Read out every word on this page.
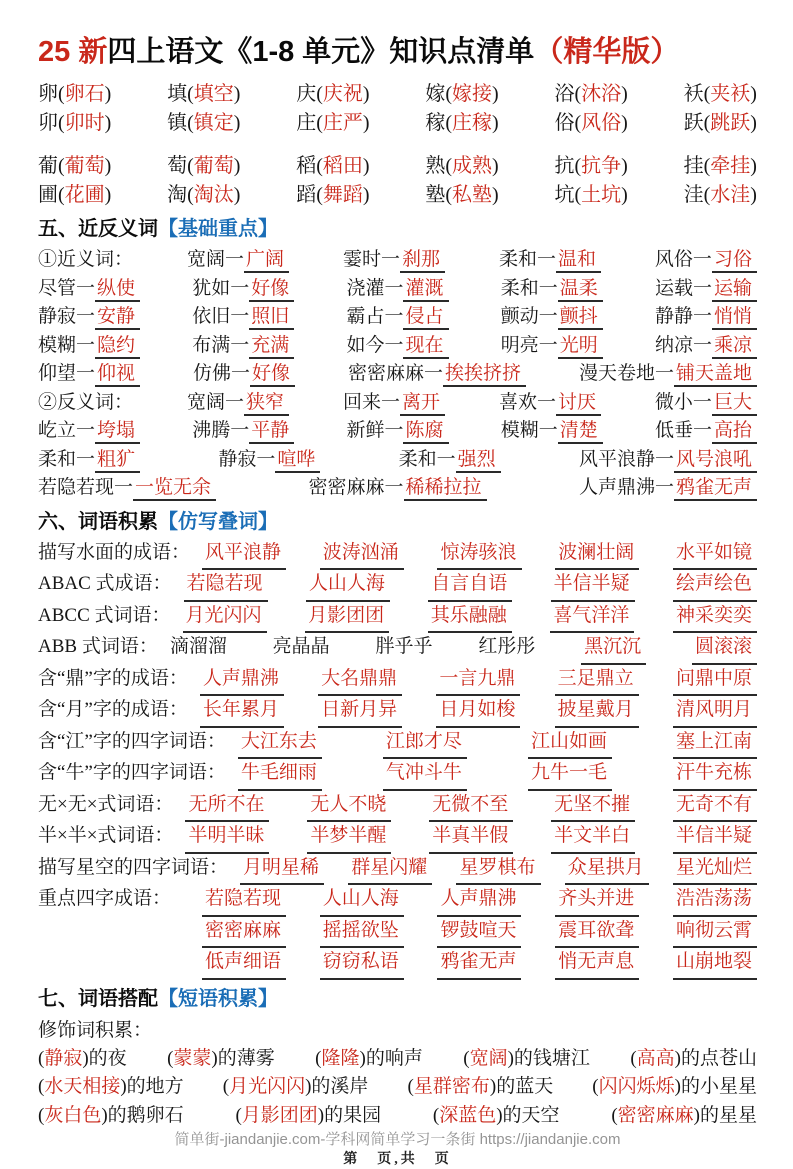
25 新四上语文《1-8 单元》知识点清单（精华版）
卵(卵石)	填(填空)	庆(庆祝)	嫁(嫁接)	浴(沐浴)	袄(夹袄)
卯(卯时)	镇(镇定)	庄(庄严)	稼(庄稼)	俗(风俗)	跃(跳跃)
葡(葡萄)	萄(葡萄)	稻(稻田)	熟(成熟)	抗(抗争)	挂(牵挂)
圃(花圃)	淘(淘汰)	蹈(舞蹈)	塾(私塾)	坑(土坑)	洼(水洼)
五、近反义词【基础重点】
①近义词：	宽阔一 广阔	霎时一 刹那	柔和一 温和	风俗一 习俗
尽管一 纵使	犹如一 好像	浇灌一 灌溉	柔和一 温柔	运载一 运输
静寂一 安静	依旧一 照旧	霸占一 侵占	颤动一 颤抖	静静一 悄悄
模糊一 隐约	布满一 充满	如今一 现在	明亮一 光明	纳凉一 乘凉
仰望一 仰视	仿佛一 好像	密密麻麻一 挨挨挤挤	漫天卷地一 铺天盖地
②反义词：	宽阔一 狭窄	回来一 离开	喜欢一 讨厌	微小一 巨大
屹立一 垮塌	沸腾一 平静	新鲜一 陈腐	模糊一 清楚	低垂一 高抬
柔和一 粗犷	静寂一 喧哗	柔和一 强烈	风平浪静一 风号浪吼
若隐若现一 一览无余	密密麻麻一 稀稀拉拉	人声鼎沸一 鸦雀无声
六、词语积累【仿写叠词】
描写水面的成语： 风平浪静 波涛汹涌 惊涛骇浪 波澜壮阔 水平如镜
ABAC 式成语： 若隐若现 人山人海 自言自语 半信半疑 绘声绘色
ABCC 式词语： 月光闪闪 月影团团 其乐融融 喜气洋洋 神采奕奕
ABB 式词语： 滴溜溜 亮晶晶 胖乎乎 红彤彤	黑沉沉	圆滚滚
含“鼎”字的成语： 人声鼎沸 大名鼎鼎 一言九鼎 三足鼎立 问鼎中原
含“月”字的成语： 长年累月 日新月异 日月如梭 披星戴月 清风明月
含“江”字的四字词语： 大江东去	江郎才尽	江山如画	塞上江南
含“牛”字的四字词语： 牛毛细雨	气冲斗牛	九牛一毛	汗牛充栋
无×无×式词语： 无所不在 无人不晓 无微不至 无坚不摧 无奇不有
半×半×式词语： 半明半昧 半梦半醒 半真半假 半文半白 半信半疑
描写星空的四字词语： 月明星稀 群星闪耀 星罗棋布 众星拱月 星光灿烂
重点四字成语：	若隐若现 人山人海 人声鼎沸 齐头并进 浩浩荡荡
密密麻麻 摇摇欲坠 锣鼓喧天 震耳欲聋 响彻云霄
低声细语 窃窃私语 鸦雀无声 悄无声息 山崩地裂
七、词语搭配【短语积累】
修饰词积累：
(静寂)的夜 (蒙蒙)的薄雾 (隆隆)的响声 (宽阔)的钱塘江 (高高)的点苍山
(水天相接)的地方 (月光闪闪)的溪岸 (星群密布)的蓝天 (闪闪烁烁)的小星星
(灰白色)的鹅卵石	(月影团团)的果园	(深蓝色)的天空	(密密麻麻)的星星
简单街-jiandanjie.com-学科网简单学习一条街 https://jiandanjie.com
第　页,共　页
